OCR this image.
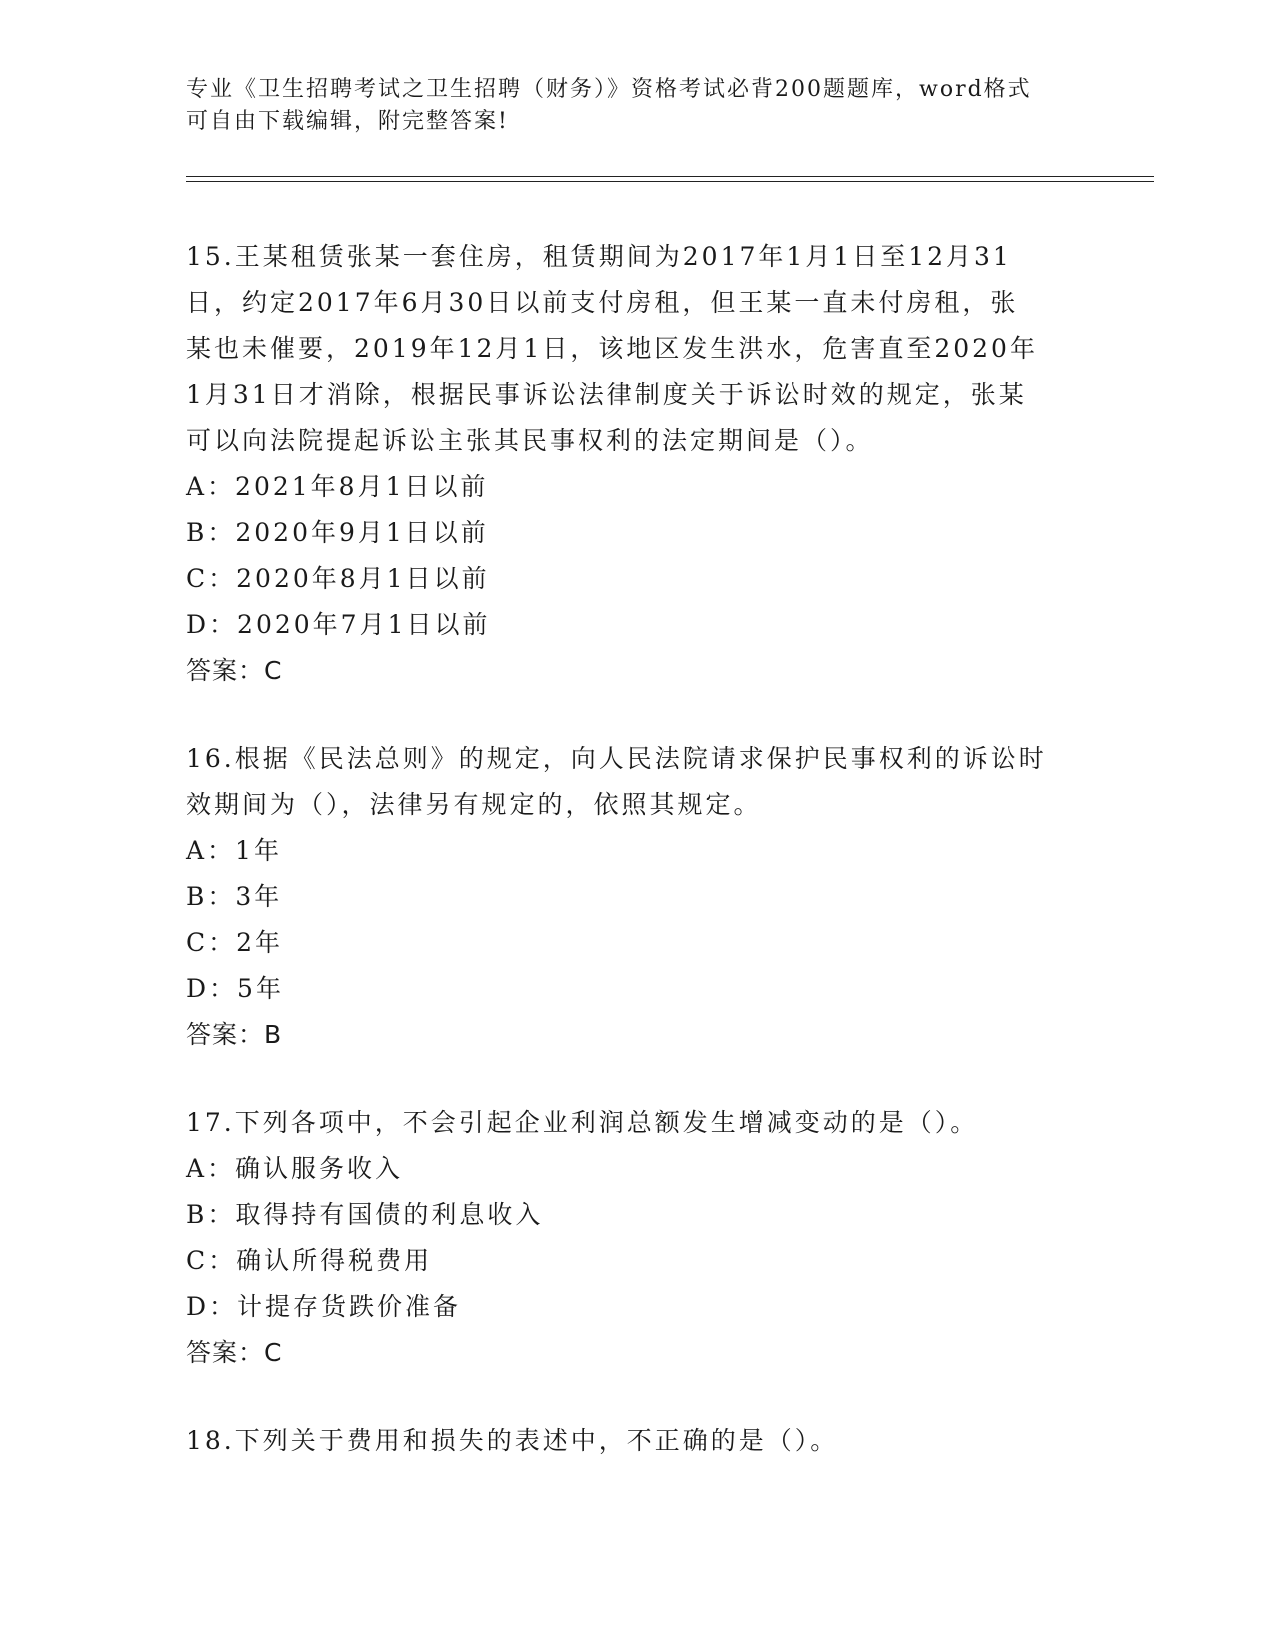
专业《卫生招聘考试之卫生招聘（财务）》资格考试必背200题题库，word格式
可自由下载编辑，附完整答案!
15.王某租赁张某一套住房，租赁期间为2017年1月1日至12月31
日，约定2017年6月30日以前支付房租，但王某一直未付房租，张
某也未催要，2019年12月1日，该地区发生洪水，危害直至2020年
1月31日才消除，根据民事诉讼法律制度关于诉讼时效的规定，张某
可以向法院提起诉讼主张其民事权利的法定期间是（）。
A：2021年8月1日以前
B：2020年9月1日以前
C：2020年8月1日以前
D：2020年7月1日以前
答案：C
16.根据《民法总则》的规定，向人民法院请求保护民事权利的诉讼时
效期间为（），法律另有规定的，依照其规定。
A：1年
B：3年
C：2年
D：5年
答案：B
17.下列各项中，不会引起企业利润总额发生增减变动的是（）。
A：确认服务收入
B：取得持有国债的利息收入
C：确认所得税费用
D：计提存货跌价准备
答案：C
18.下列关于费用和损失的表述中，不正确的是（）。
